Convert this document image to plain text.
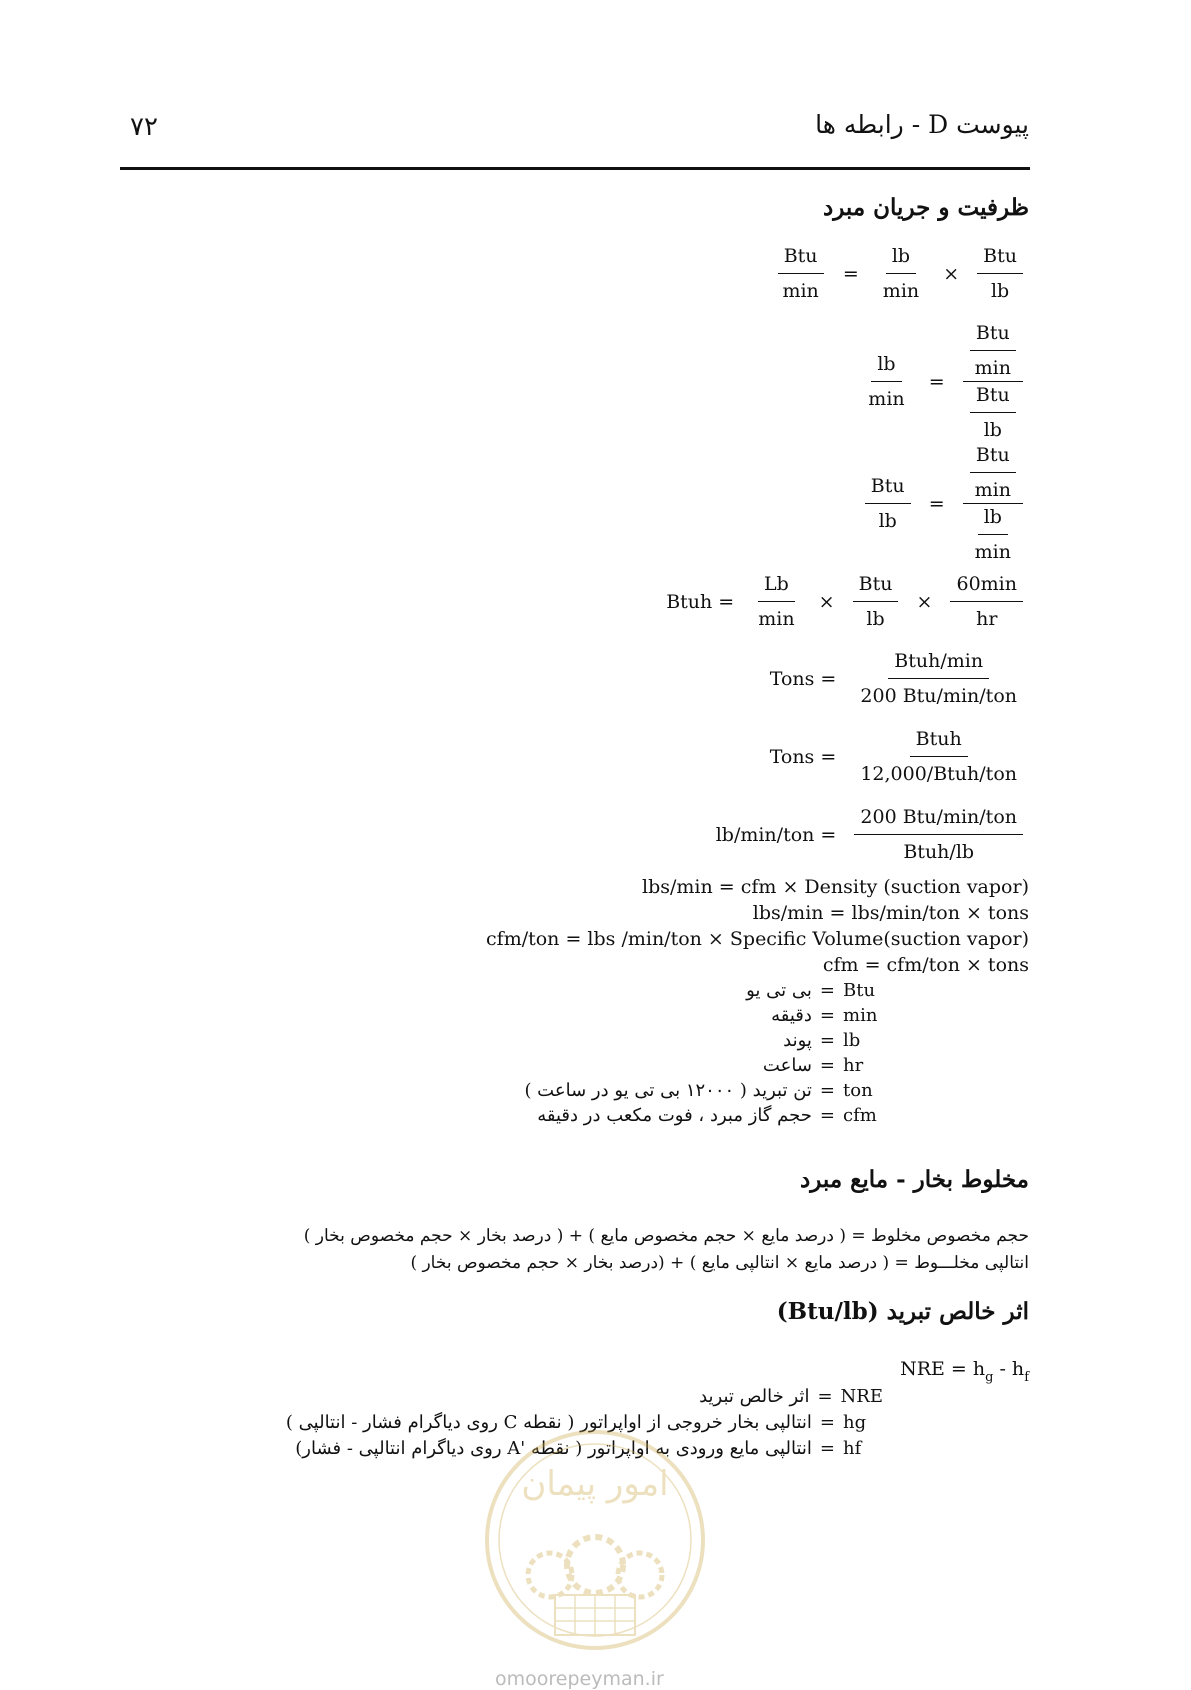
۷۲	پیوست D - رابطه ها
ظرفیت و جریان مبرد
$\frac{\text{Btu}}{\min} = \frac{lb}{\min} \times \frac{\text{Btu}}{lb}$
$\frac{lb}{\min} = \frac{\frac{\text{Btu}}{\min}}{\frac{\text{Btu}}{lb}}$
$\frac{\text{Btu}}{lb} = \frac{\frac{\text{Btu}}{\min}}{\frac{lb}{\min}}$
Btuh = $\frac{Lb}{\min} \times \frac{\text{Btu}}{lb} \times \frac{60\min}{hr}$
Tons = $\frac{\text{Btuh/min}}{\text{200 Btu/min/ton}}$
Tons = $\frac{\text{Btuh}}{\text{12,000/Btuh/ton}}$
$lb/\min/ton = \frac{\text{200 Btu/min/ton}}{\text{Btuh/lb}}$
lbs/min = cfm × Density (suction vapor)
lbs/min = lbs/min/ton × tons
cfm/ton = lbs /min/ton × Specific Volume(suction vapor)
cfm = cfm/ton × tons
Btu
=
بی تی یو
min
=
دقیقه
lb
=
پوند
hr
=
ساعت
ton
=
تن تبرید ( ۱۲۰۰۰ بی تی یو در ساعت )
cfm
=
حجم گاز مبرد ، فوت مکعب در دقیقه
مخلوط بخار - مایع مبرد
حجم مخصوص مخلوط = ( درصد مایع × حجم مخصوص مایع ) + ( درصد بخار × حجم مخصوص بخار )
انتالپی مخلـــوط = ( درصد مایع × انتالپی مایع ) + (درصد بخار × حجم مخصوص بخار )
اثر خالص تبرید (Btu/lb)
NRE = $h_g - h_f$
NRE
=
اثر خالص تبرید
hg
=
انتالپی بخار خروجی از اواپراتور ( نقطه C روی دیاگرام فشار - انتالپی )
hf
=
انتالپی مایع ورودی به اواپراتور ( نقطه 'A روی دیاگرام انتالپی - فشار)
امور پیمان
omoorepeyman.ir
